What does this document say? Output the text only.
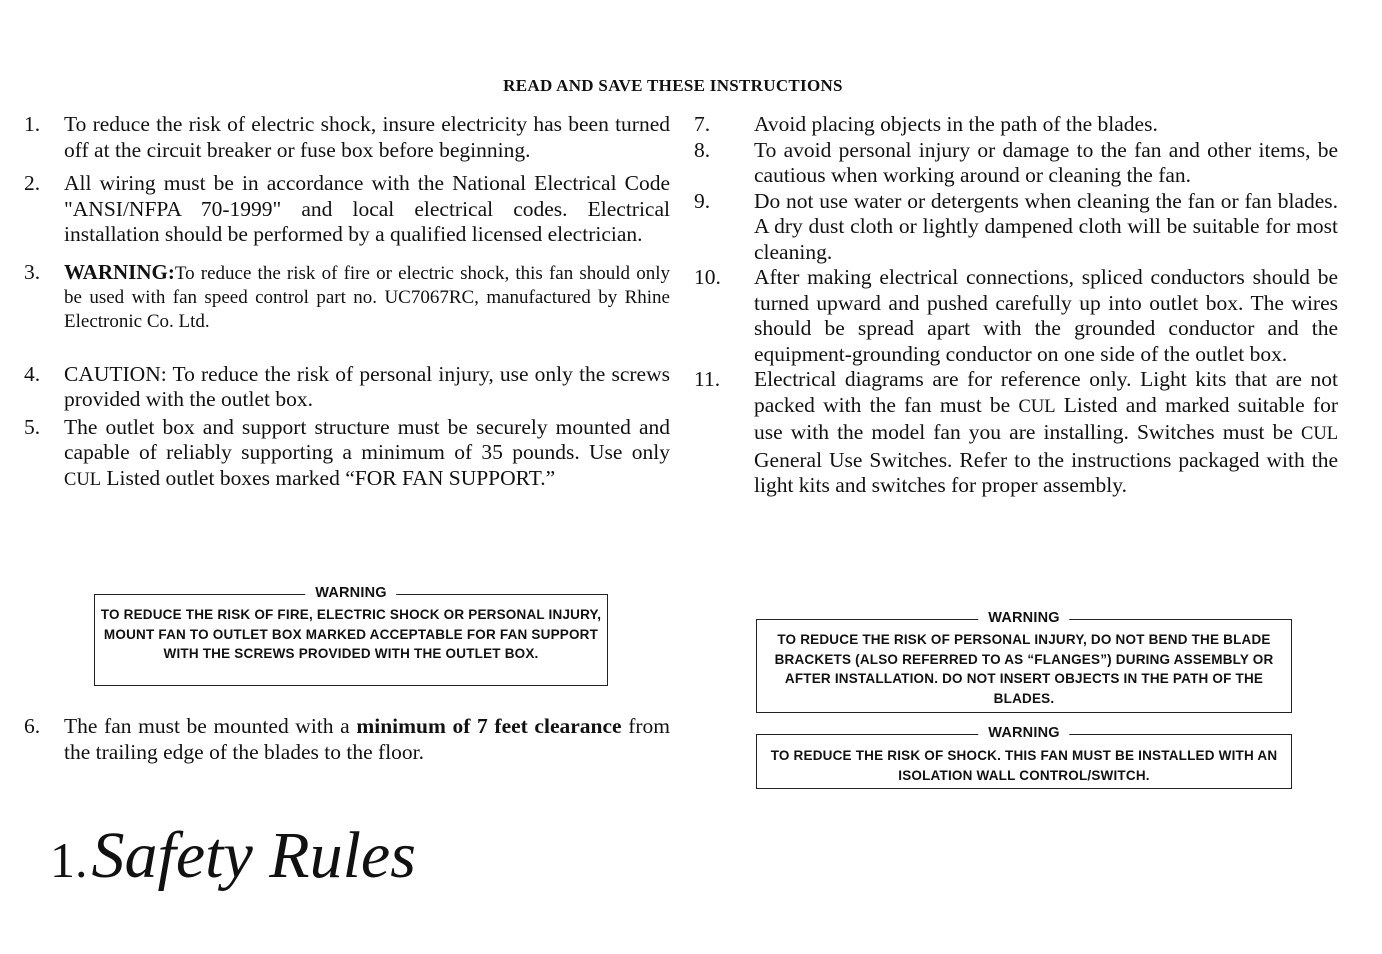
READ AND SAVE THESE INSTRUCTIONS
1.	To reduce the risk of electric shock, insure electricity has been turned off at the circuit breaker or fuse box before beginning.
2.	All wiring must be in accordance with the National Electrical Code "ANSI/NFPA 70-1999" and local electrical codes. Electrical installation should be performed by a qualified licensed electrician.
3.	WARNING:To reduce the risk of fire or electric shock, this fan should only be used with fan speed control part no. UC7067RC, manufactured by Rhine Electronic Co. Ltd.
4.	CAUTION: To reduce the risk of personal injury, use only the screws provided with the outlet box.
5.	The outlet box and support structure must be securely mounted and capable of reliably supporting a minimum of 35 pounds. Use only CUL Listed outlet boxes marked “FOR FAN SUPPORT.”
WARNING
TO REDUCE THE RISK OF FIRE, ELECTRIC SHOCK OR PERSONAL INJURY, MOUNT FAN TO OUTLET BOX MARKED ACCEPTABLE FOR FAN SUPPORT WITH THE SCREWS PROVIDED WITH THE OUTLET BOX.
6.	The fan must be mounted with a minimum of 7 feet clearance from the trailing edge of the blades to the floor.
7.	Avoid placing objects in the path of the blades.
8.	To avoid personal injury or damage to the fan and other items, be cautious when working around or cleaning the fan.
9.	Do not use water or detergents when cleaning the fan or fan blades. A dry dust cloth or lightly dampened cloth will be suitable for most cleaning.
10.	After making electrical connections, spliced conductors should be turned upward and pushed carefully up into outlet box. The wires should be spread apart with the grounded conductor and the equipment-grounding conductor on one side of the outlet box.
11.	Electrical diagrams are for reference only. Light kits that are not packed with the fan must be CUL Listed and marked suitable for use with the model fan you are installing. Switches must be CUL General Use Switches. Refer to the instructions packaged with the light kits and switches for proper assembly.
WARNING
TO REDUCE THE RISK OF PERSONAL INJURY, DO NOT BEND THE BLADE BRACKETS (ALSO REFERRED TO AS “FLANGES”) DURING ASSEMBLY OR AFTER INSTALLATION. DO NOT INSERT OBJECTS IN THE PATH OF THE BLADES.
WARNING
TO REDUCE THE RISK OF SHOCK. THIS FAN MUST BE INSTALLED WITH AN ISOLATION WALL CONTROL/SWITCH.
1.Safety Rules
